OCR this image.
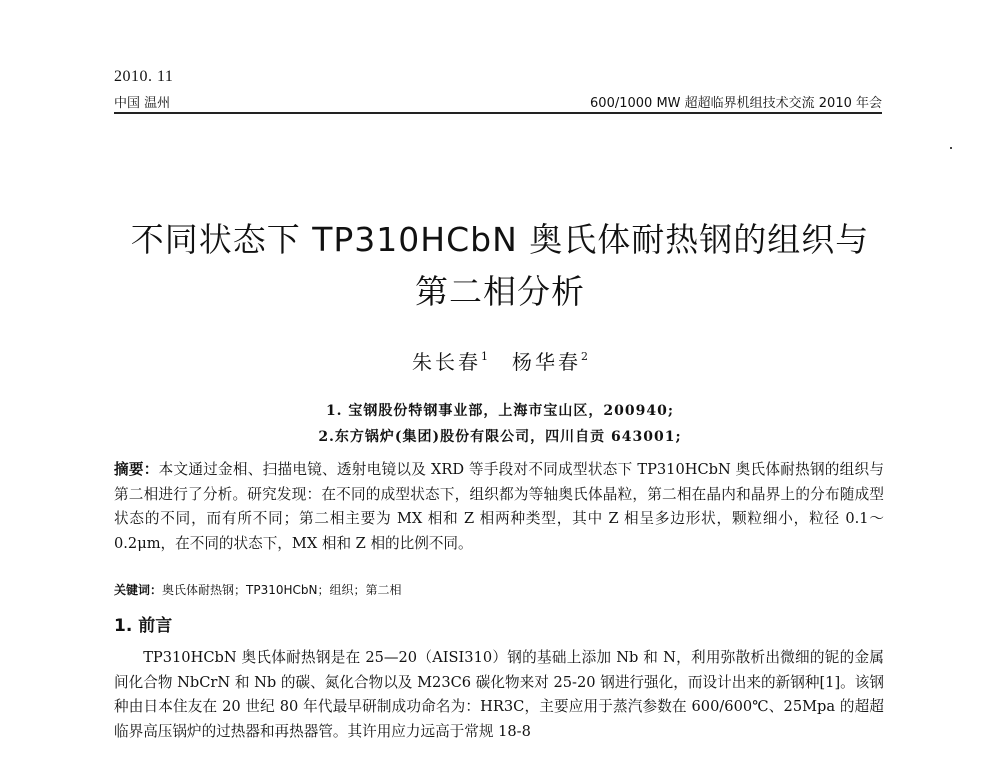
2010. 11
中国 温州	600/1000 MW 超超临界机组技术交流 2010 年会
不同状态下 TP310HCbN 奥氏体耐热钢的组织与
第二相分析
朱长春$^1$ 杨华春$^2$
1. 宝钢股份特钢事业部，上海市宝山区，200940;
2.东方锅炉(集团)股份有限公司，四川自贡 643001;
摘要：本文通过金相、扫描电镜、透射电镜以及 XRD 等手段对不同成型状态下 TP310HCbN 奥氏体耐热钢的组织与第二相进行了分析。研究发现：在不同的成型状态下，组织都为等轴奥氏体晶粒，第二相在晶内和晶界上的分布随成型状态的不同，而有所不同；第二相主要为 MX 相和 Z 相两种类型，其中 Z 相呈多边形状，颗粒细小，粒径 0.1～0.2μm，在不同的状态下，MX 相和 Z 相的比例不同。
关键词：奥氏体耐热钢；TP310HCbN；组织；第二相
1. 前言
TP310HCbN 奥氏体耐热钢是在 25—20（AISI310）钢的基础上添加 Nb 和 N，利用弥散析出微细的铌的金属间化合物 NbCrN 和 Nb 的碳、氮化合物以及 M23C6 碳化物来对 25-20 钢进行强化，而设计出来的新钢种[1]。该钢种由日本住友在 20 世纪 80 年代最早研制成功命名为：HR3C，主要应用于蒸汽参数在 600/600℃、25Mpa 的超超临界高压锅炉的过热器和再热器管。其许用应力远高于常规 18-8
